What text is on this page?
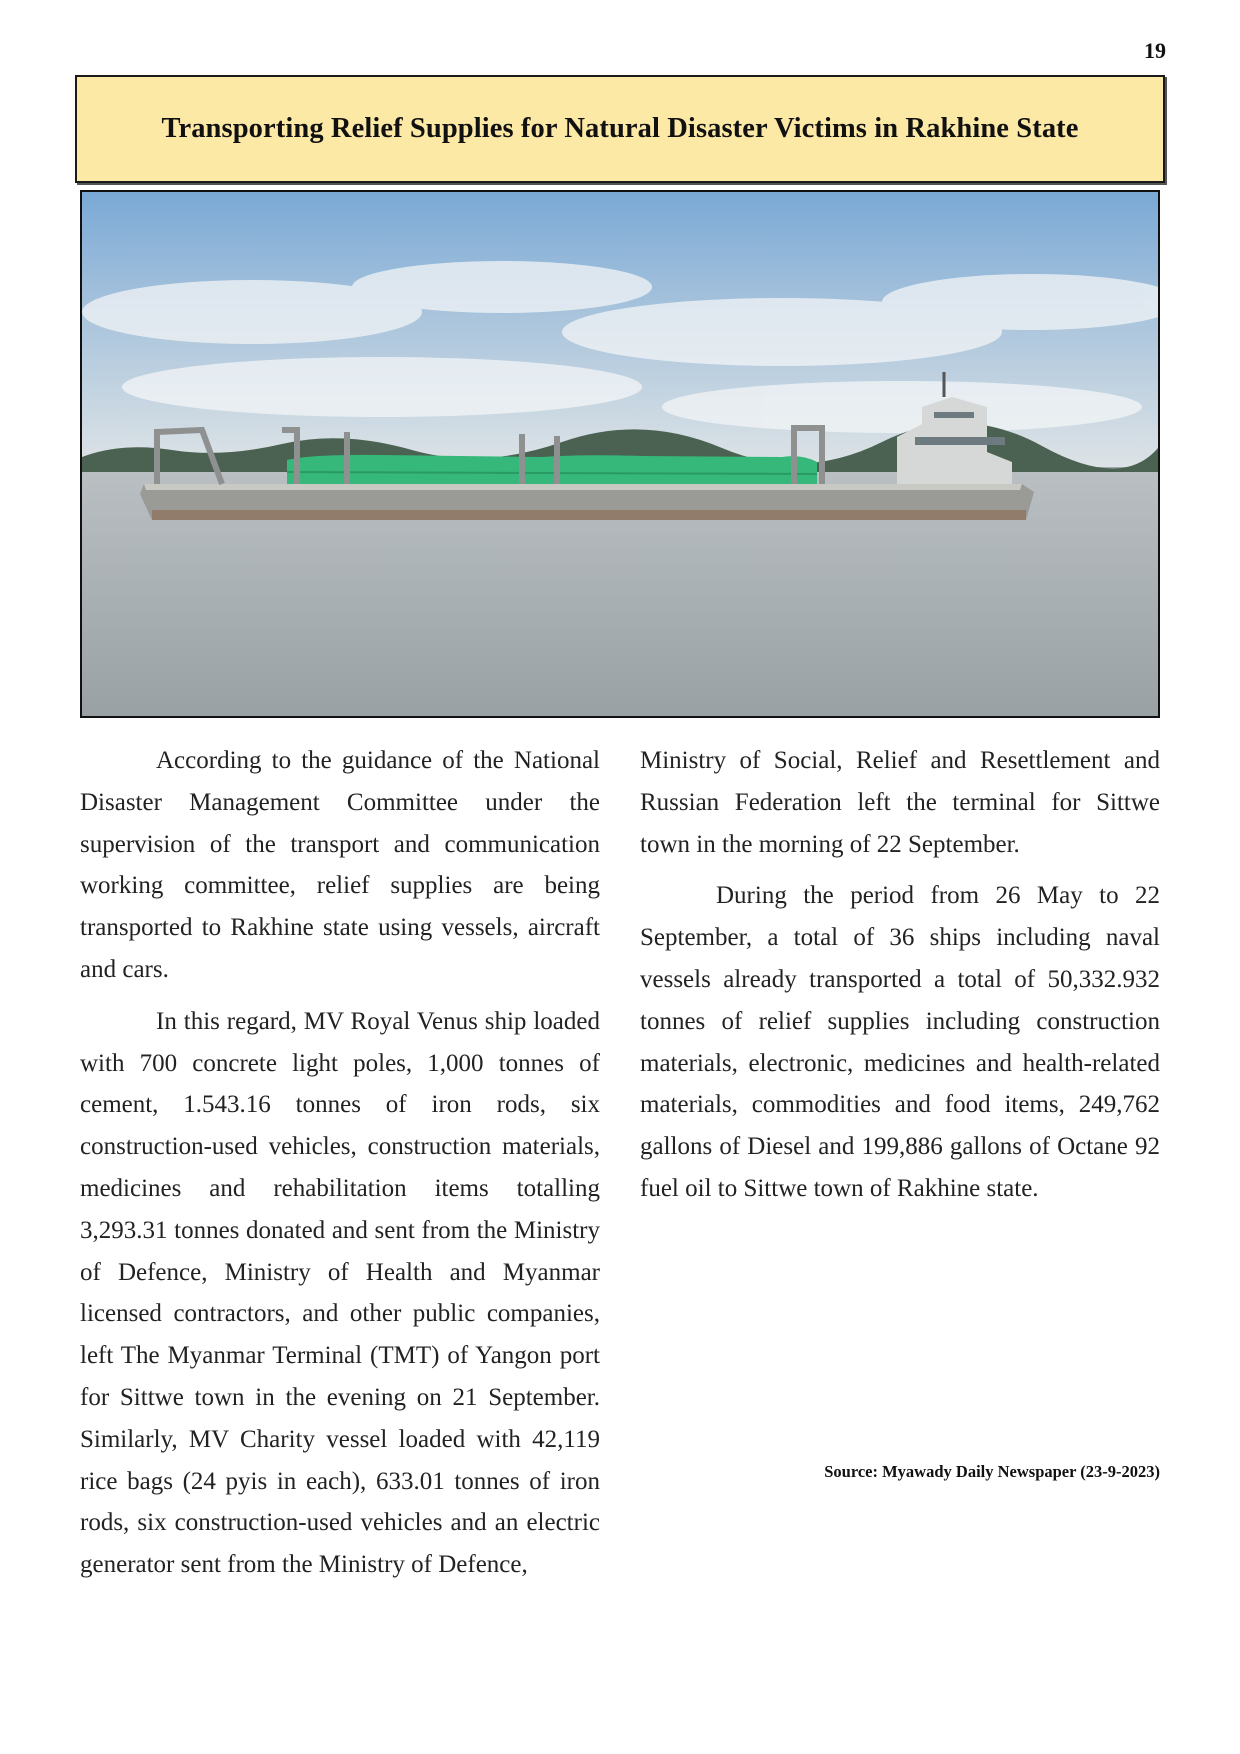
19
Transporting Relief Supplies for Natural Disaster Victims in Rakhine State

According to the guidance of the National Disaster Management Committee under the supervision of the transport and communication working committee, relief supplies are being transported to Rakhine state using vessels, aircraft and cars.

In this regard, MV Royal Venus ship loaded with 700 concrete light poles, 1,000 tonnes of cement, 1.543.16 tonnes of iron rods, six construction-used vehicles, construction materials, medicines and rehabilitation items totalling 3,293.31 tonnes donated and sent from the Ministry of Defence, Ministry of Health and Myanmar licensed contractors, and other public companies, left The Myanmar Terminal (TMT) of Yangon port for Sittwe town in the evening on 21 September. Similarly, MV Charity vessel loaded with 42,119 rice bags (24 pyis in each), 633.01 tonnes of iron rods, six construction-used vehicles and an electric generator sent from the Ministry of Defence,

Ministry of Social, Relief and Resettlement and Russian Federation left the terminal for Sittwe town in the morning of 22 September.

During the period from 26 May to 22 September, a total of 36 ships including naval vessels already transported a total of 50,332.932 tonnes of relief supplies including construction materials, electronic, medicines and health-related materials, commodities and food items, 249,762 gallons of Diesel and 199,886 gallons of Octane 92 fuel oil to Sittwe town of Rakhine state.

Source: Myawady Daily Newspaper (23-9-2023)
